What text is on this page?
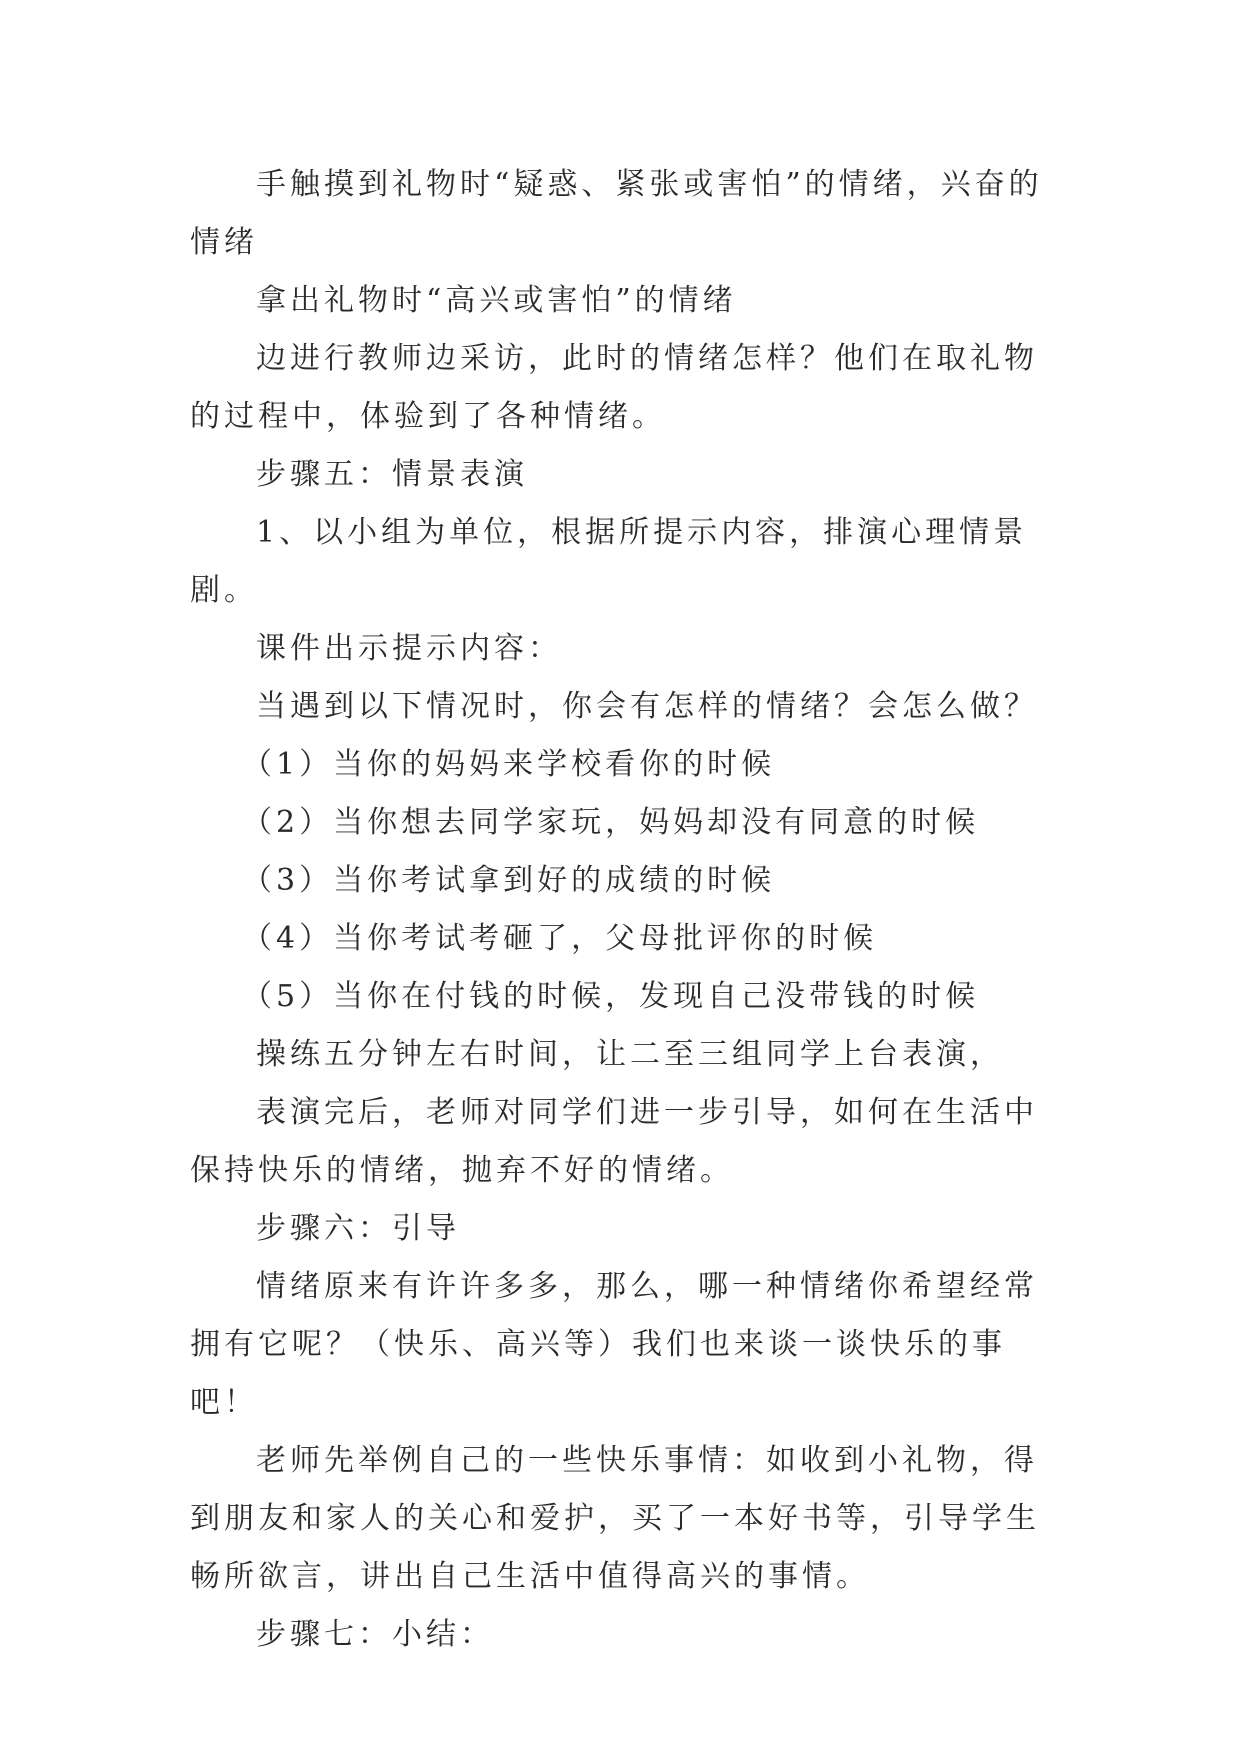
手触摸到礼物时“疑惑、紧张或害怕”的情绪，兴奋的情绪

拿出礼物时“高兴或害怕”的情绪

边进行教师边采访，此时的情绪怎样？他们在取礼物的过程中，体验到了各种情绪。

步骤五：情景表演

1、以小组为单位，根据所提示内容，排演心理情景剧。

课件出示提示内容：

当遇到以下情况时，你会有怎样的情绪？会怎么做？

（1）当你的妈妈来学校看你的时候

（2）当你想去同学家玩，妈妈却没有同意的时候

（3）当你考试拿到好的成绩的时候

（4）当你考试考砸了，父母批评你的时候

（5）当你在付钱的时候，发现自己没带钱的时候

操练五分钟左右时间，让二至三组同学上台表演，

表演完后，老师对同学们进一步引导，如何在生活中保持快乐的情绪，抛弃不好的情绪。

步骤六：引导

情绪原来有许许多多，那么，哪一种情绪你希望经常拥有它呢？（快乐、高兴等）我们也来谈一谈快乐的事吧！

老师先举例自己的一些快乐事情：如收到小礼物，得到朋友和家人的关心和爱护，买了一本好书等，引导学生畅所欲言，讲出自己生活中值得高兴的事情。

步骤七：小结：
